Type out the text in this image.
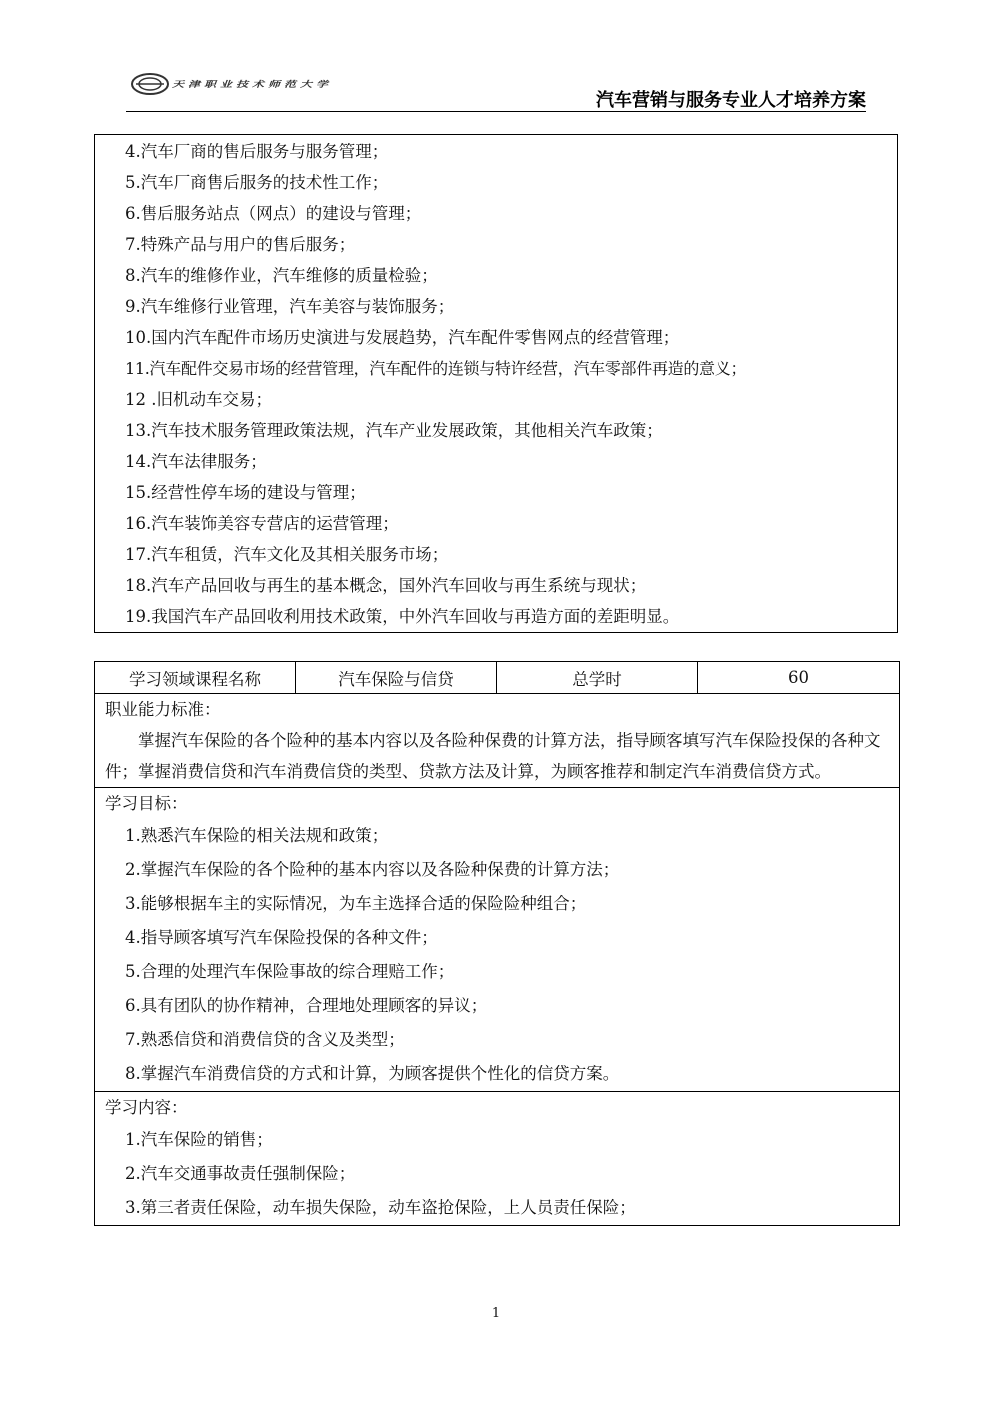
天津职业技术师范大学
汽车营销与服务专业人才培养方案
4.汽车厂商的售后服务与服务管理；
5.汽车厂商售后服务的技术性工作；
6.售后服务站点（网点）的建设与管理；
7.特殊产品与用户的售后服务；
8.汽车的维修作业，汽车维修的质量检验；
9.汽车维修行业管理，汽车美容与装饰服务；
10.国内汽车配件市场历史演进与发展趋势，汽车配件零售网点的经营管理；
11.汽车配件交易市场的经营管理，汽车配件的连锁与特许经营，汽车零部件再造的意义；
12 .旧机动车交易；
13.汽车技术服务管理政策法规，汽车产业发展政策，其他相关汽车政策；
14.汽车法律服务；
15.经营性停车场的建设与管理；
16.汽车装饰美容专营店的运营管理；
17.汽车租赁，汽车文化及其相关服务市场；
18.汽车产品回收与再生的基本概念，国外汽车回收与再生系统与现状；
19.我国汽车产品回收利用技术政策，中外汽车回收与再造方面的差距明显。
学习领域课程名称	汽车保险与信贷	总学时	60

职业能力标准：
掌握汽车保险的各个险种的基本内容以及各险种保费的计算方法，指导顾客填写汽车保险投保的各种文件；掌握消费信贷和汽车消费信贷的类型、贷款方法及计算，为顾客推荐和制定汽车消费信贷方式。

学习目标：
1.熟悉汽车保险的相关法规和政策；
2.掌握汽车保险的各个险种的基本内容以及各险种保费的计算方法；
3.能够根据车主的实际情况，为车主选择合适的保险险种组合；
4.指导顾客填写汽车保险投保的各种文件；
5.合理的处理汽车保险事故的综合理赔工作；
6.具有团队的协作精神，合理地处理顾客的异议；
7.熟悉信贷和消费信贷的含义及类型；
8.掌握汽车消费信贷的方式和计算，为顾客提供个性化的信贷方案。

学习内容：
1.汽车保险的销售；
2.汽车交通事故责任强制保险；
3.第三者责任保险，动车损失保险，动车盗抢保险，上人员责任保险；
1
